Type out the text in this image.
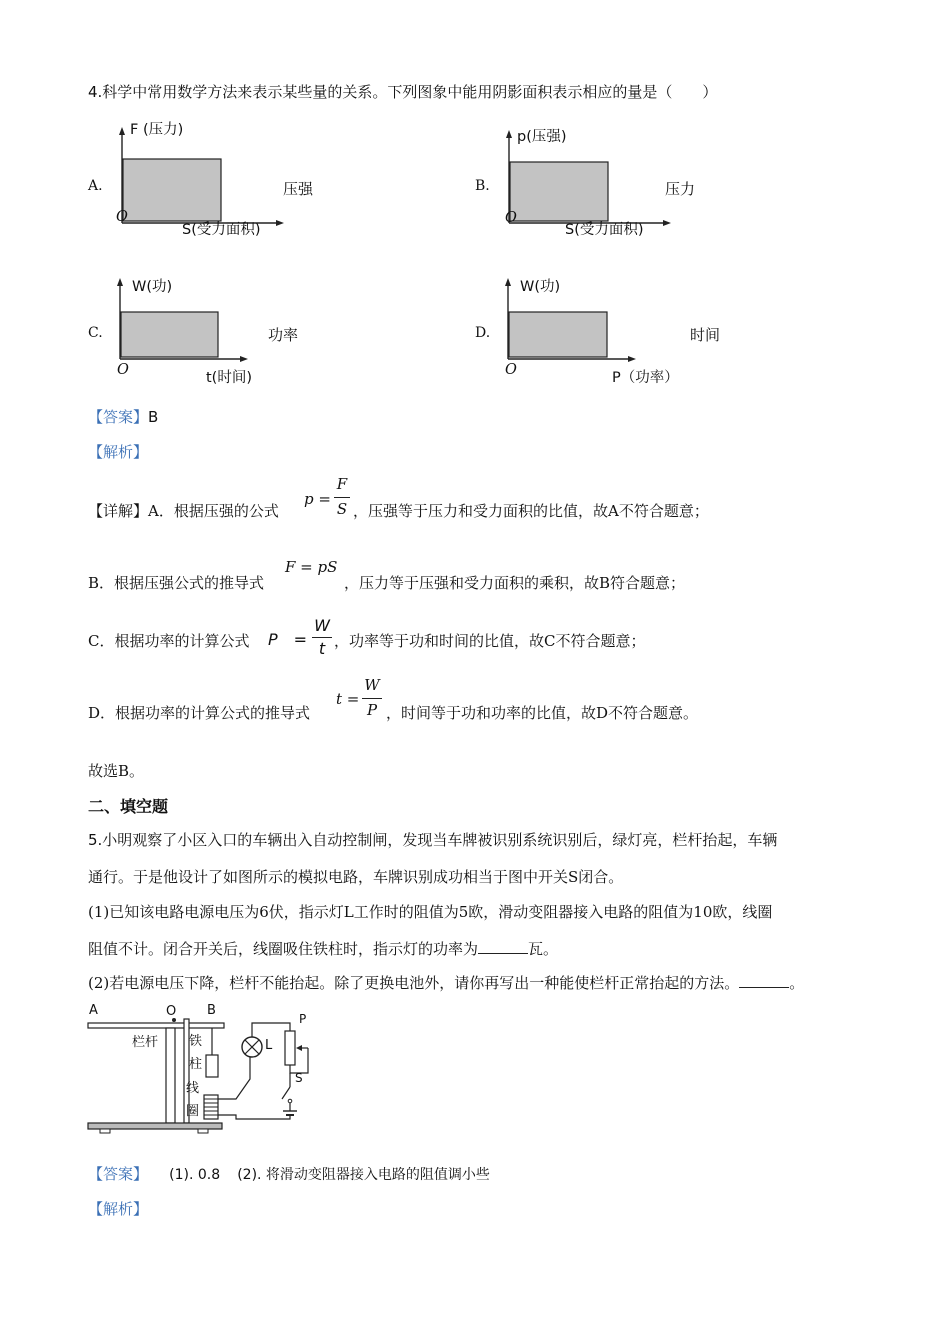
4.科学中常用数学方法来表示某些量的关系。下列图象中能用阴影面积表示相应的量是（　　）
A.
F (压力)
O
S(受力面积)
压强	B.
p(压强)
O
S(受力面积)
压力
C.
W(功)
O	t(时间)
功率	D.
W(功)
O	P（功率）
时间
【答案】B
【解析】
【详解】A．根据压强的公式
p =
F
S ，压强等于压力和受力面积的比值，故A不符合题意；
B．根据压强公式的推导式
F = pS
，压力等于压强和受力面积的乘积，故B符合题意；
C．根据功率的计算公式 P　=
W
t ，功率等于功和时间的比值，故C不符合题意；
D．根据功率的计算公式的推导式
t =
W
P ，时间等于功和功率的比值，故D不符合题意。
故选B。
二、填空题
5.小明观察了小区入口的车辆出入自动控制闸，发现当车牌被识别系统识别后，绿灯亮，栏杆抬起，车辆
通行。于是他设计了如图所示的模拟电路，车牌识别成功相当于图中开关S闭合。
(1)已知该电路电源电压为6伏，指示灯L工作时的阻值为5欧，滑动变阻器接入电路的阻值为10欧，线圈
阻值不计。闭合开关后，线圈吸住铁柱时，指示灯的功率为	瓦。
(2)若电源电压下降，栏杆不能抬起。除了更换电池外，请你再写出一种能使栏杆正常抬起的方法。	。
A	O B
栏杆 铁
柱
线
圈
L
P
S
【答案】 (1). 0.8 (2). 将滑动变阻器接入电路的阻值调小些
【解析】
